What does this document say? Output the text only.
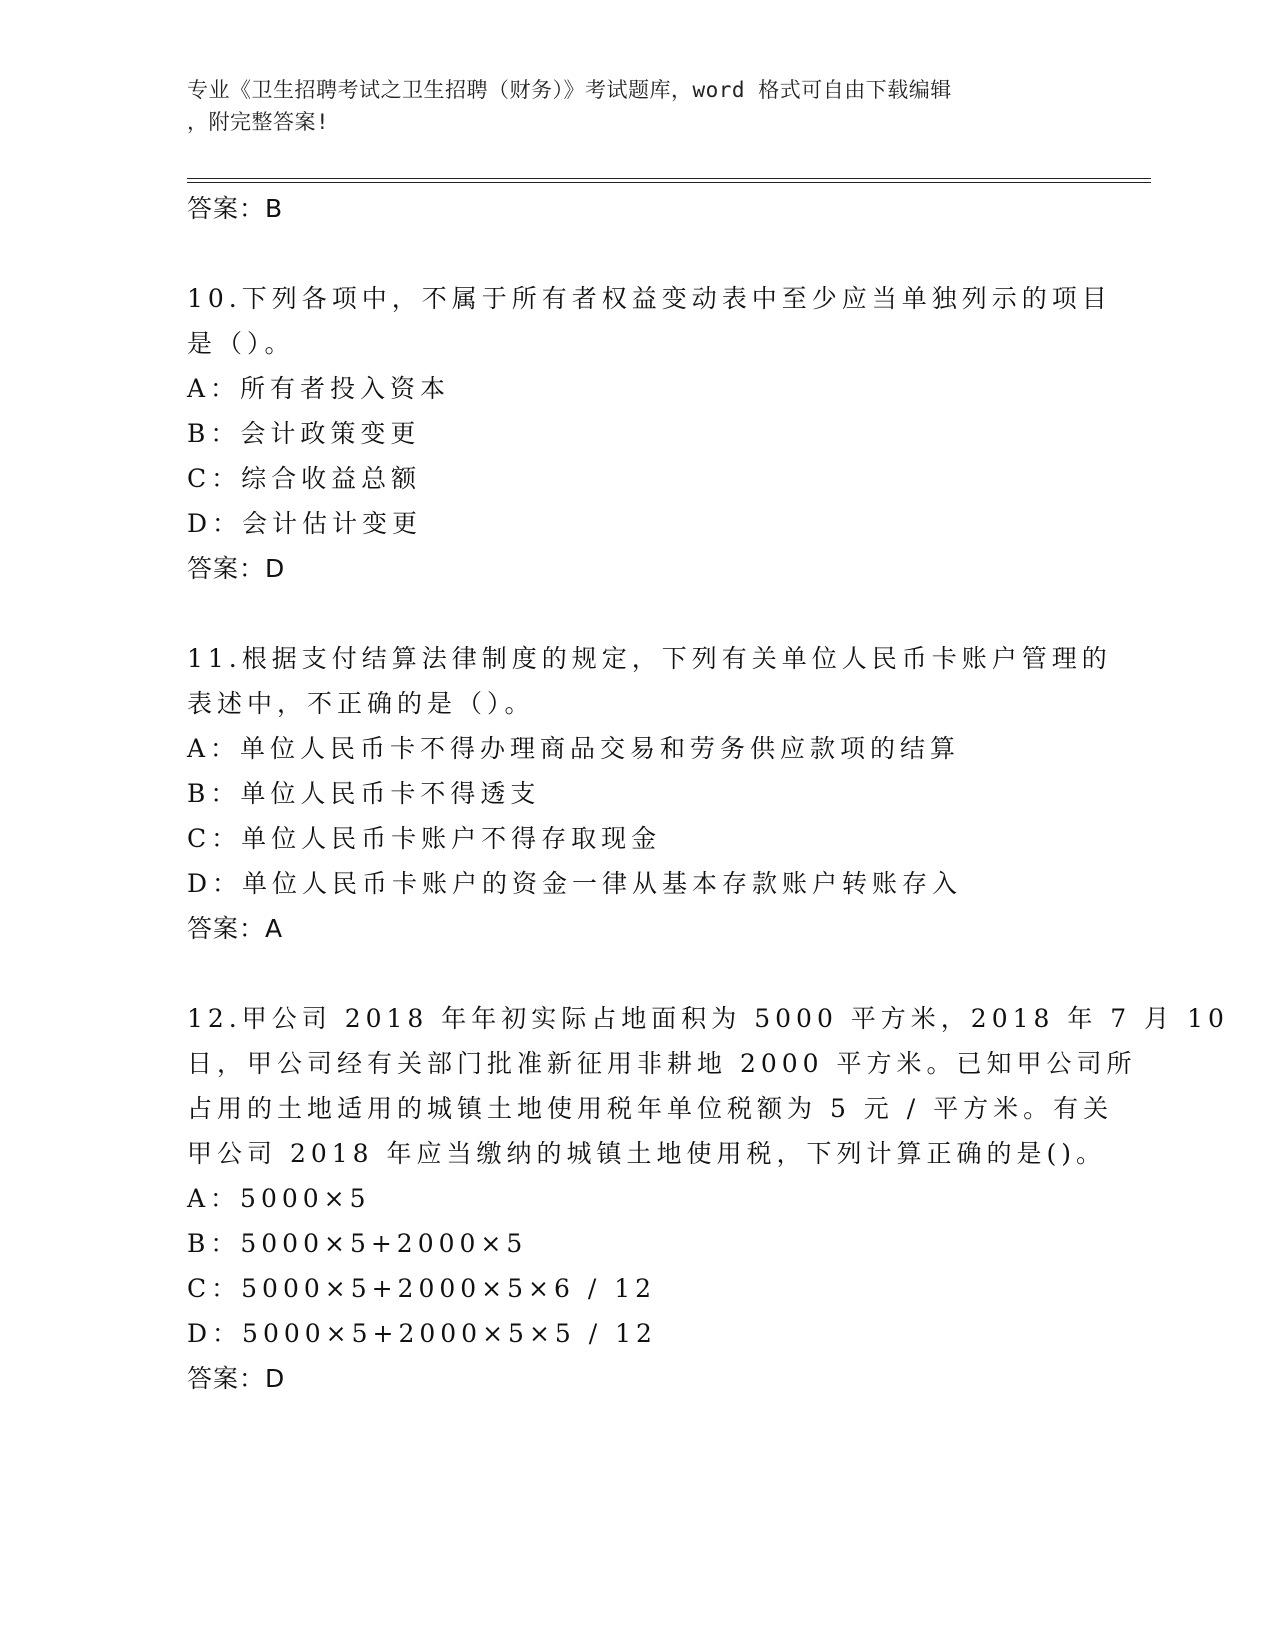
专业《卫生招聘考试之卫生招聘（财务）》考试题库，word 格式可自由下载编辑
，附完整答案!
答案：B
10.下列各项中，不属于所有者权益变动表中至少应当单独列示的项目
是（）。
A：所有者投入资本
B：会计政策变更
C：综合收益总额
D：会计估计变更
答案：D
11.根据支付结算法律制度的规定，下列有关单位人民币卡账户管理的
表述中，不正确的是（）。
A：单位人民币卡不得办理商品交易和劳务供应款项的结算
B：单位人民币卡不得透支
C：单位人民币卡账户不得存取现金
D：单位人民币卡账户的资金一律从基本存款账户转账存入
答案：A
12.甲公司 2018 年年初实际占地面积为 5000 平方米，2018 年 7 月 10
日，甲公司经有关部门批准新征用非耕地 2000 平方米。已知甲公司所
占用的土地适用的城镇土地使用税年单位税额为 5 元 / 平方米。有关
甲公司 2018 年应当缴纳的城镇土地使用税，下列计算正确的是()。
A：5000×5
B：5000×5+2000×5
C：5000×5+2000×5×6 / 12
D：5000×5+2000×5×5 / 12
答案：D
